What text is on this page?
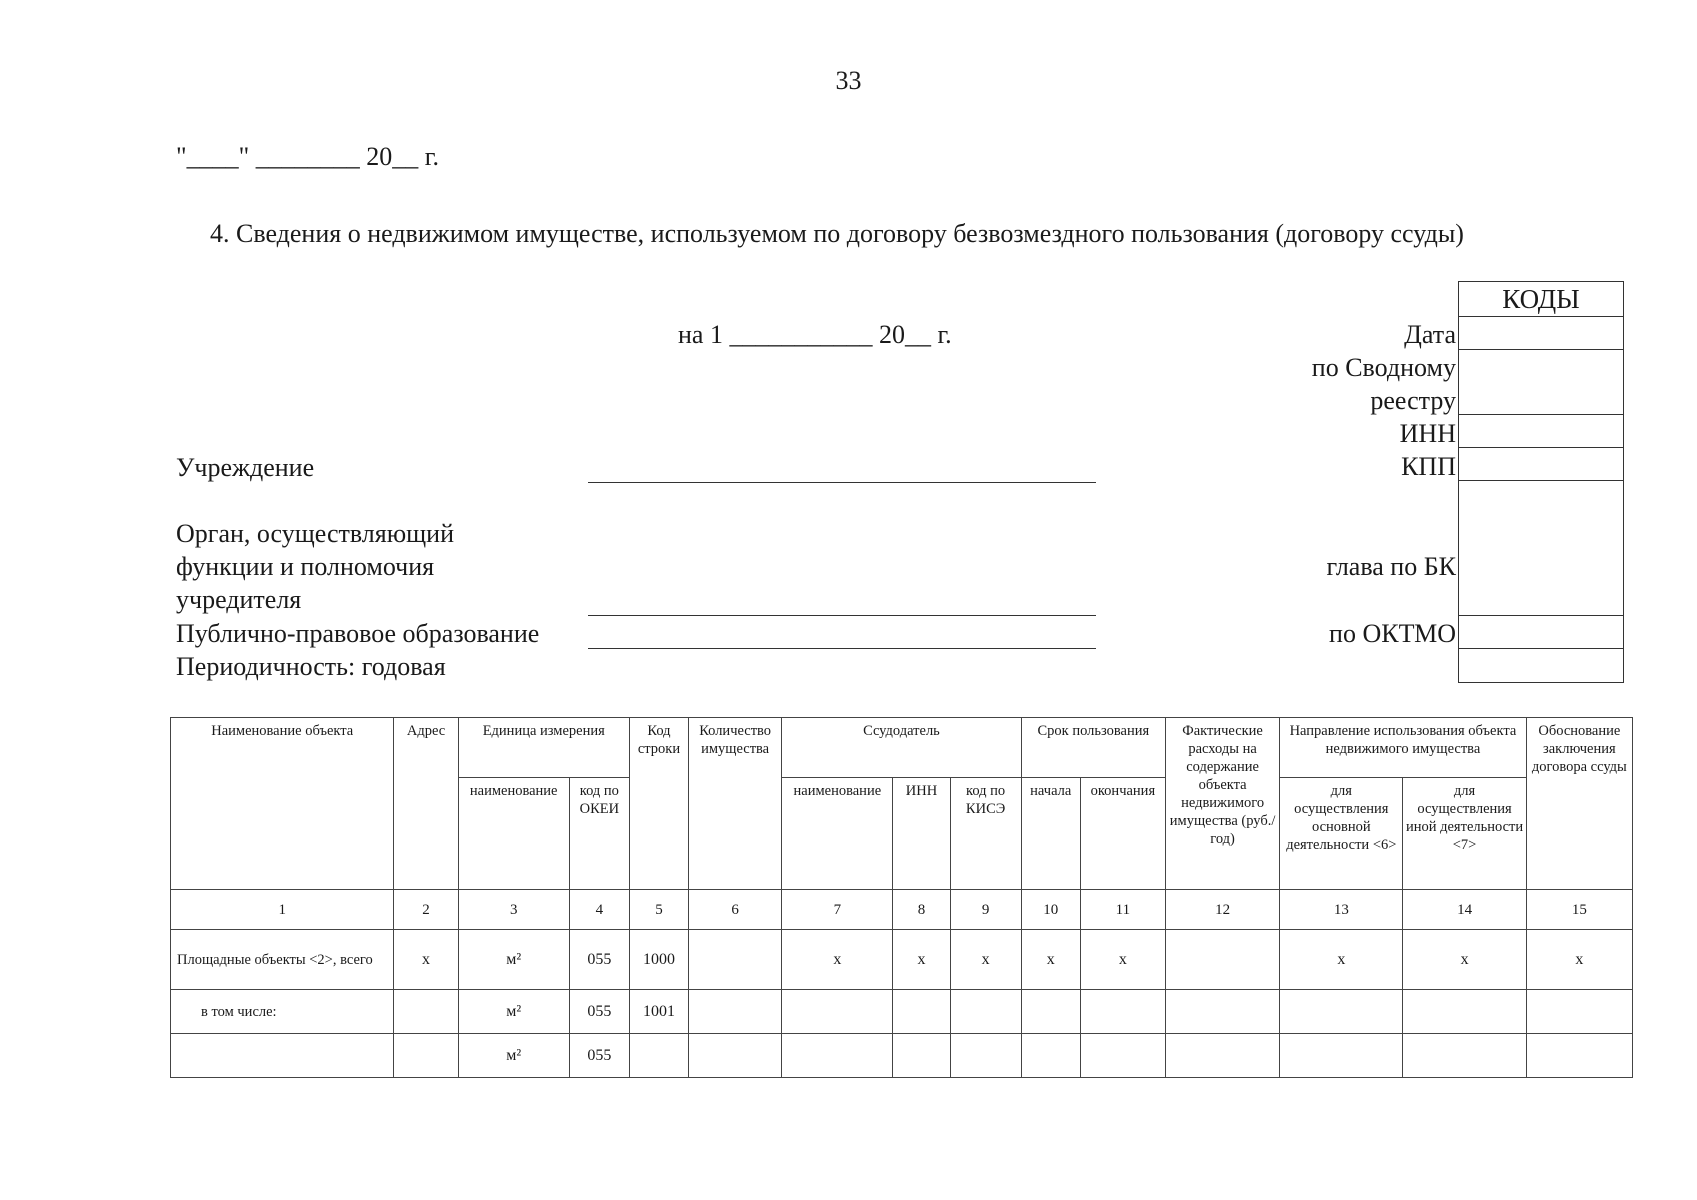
33
"____" ________ 20__ г.
4. Сведения о недвижимом имуществе, используемом по договору безвозмездного пользования (договору ссуды)
на 1 ___________ 20__ г.
КОДЫ
Дата
по Сводному
реестру
ИНН
КПП
глава по БК
по ОКТМО
Учреждение
Орган, осуществляющий
функции и полномочия
учредителя
Публично-правовое образование
Периодичность: годовая
Наименование объекта	Адрес	Единица измерения		Код строки	Количество имущества	Ссудодатель			Срок пользования		Фактические расходы на содержание объекта недвижимого имущества (руб./год)	Направление использования объекта недвижимого имущества		Обоснование заключения договора ссуды
		наименование	код по ОКЕИ			наименование	ИНН	код по КИСЭ	начала	окончания		для осуществления основной деятельности <6>	для осуществления иной деятельности <7>	
1	2	3	4	5	6	7	8	9	10	11	12	13	14	15
Площадные объекты <2>, всего	х	м²	055	1000		х	х	х	х	х		х	х	х
в том числе:		м²	055	1001										
		м²	055											
